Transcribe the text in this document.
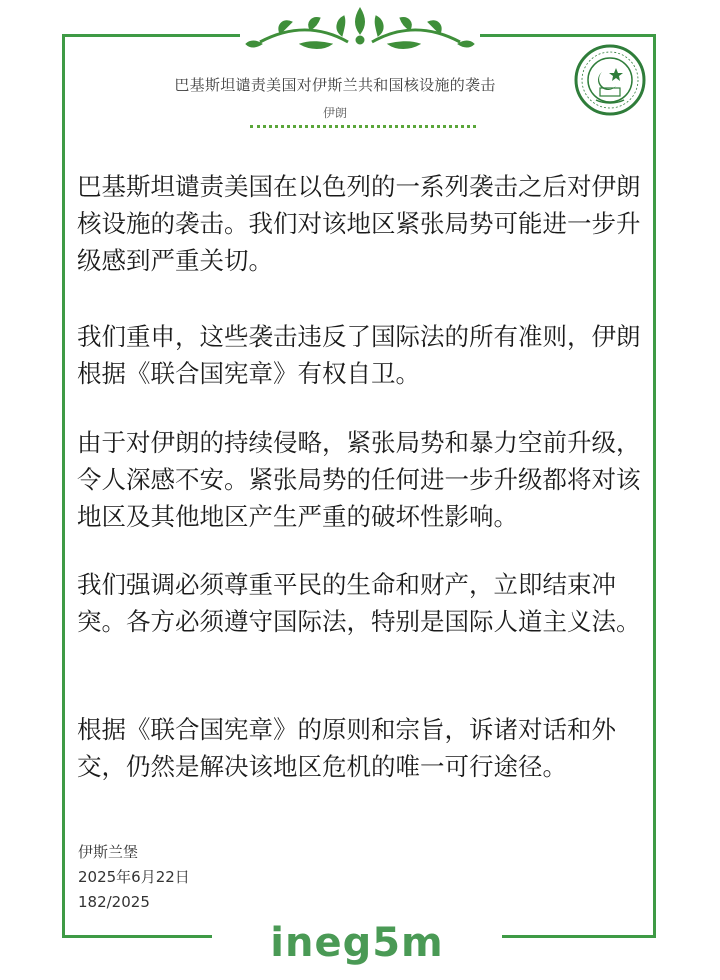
巴基斯坦谴责美国对伊斯兰共和国核设施的袭击
伊朗

巴基斯坦谴责美国在以色列的一系列袭击之后对伊朗核设施的袭击。我们对该地区紧张局势可能进一步升级感到严重关切。

我们重申，这些袭击违反了国际法的所有准则，伊朗根据《联合国宪章》有权自卫。

由于对伊朗的持续侵略，紧张局势和暴力空前升级，令人深感不安。紧张局势的任何进一步升级都将对该地区及其他地区产生严重的破坏性影响。

我们强调必须尊重平民的生命和财产，立即结束冲突。各方必须遵守国际法，特别是国际人道主义法。

根据《联合国宪章》的原则和宗旨，诉诸对话和外交，仍然是解决该地区危机的唯一可行途径。

伊斯兰堡
2025年6月22日
182/2025
ineg5m
